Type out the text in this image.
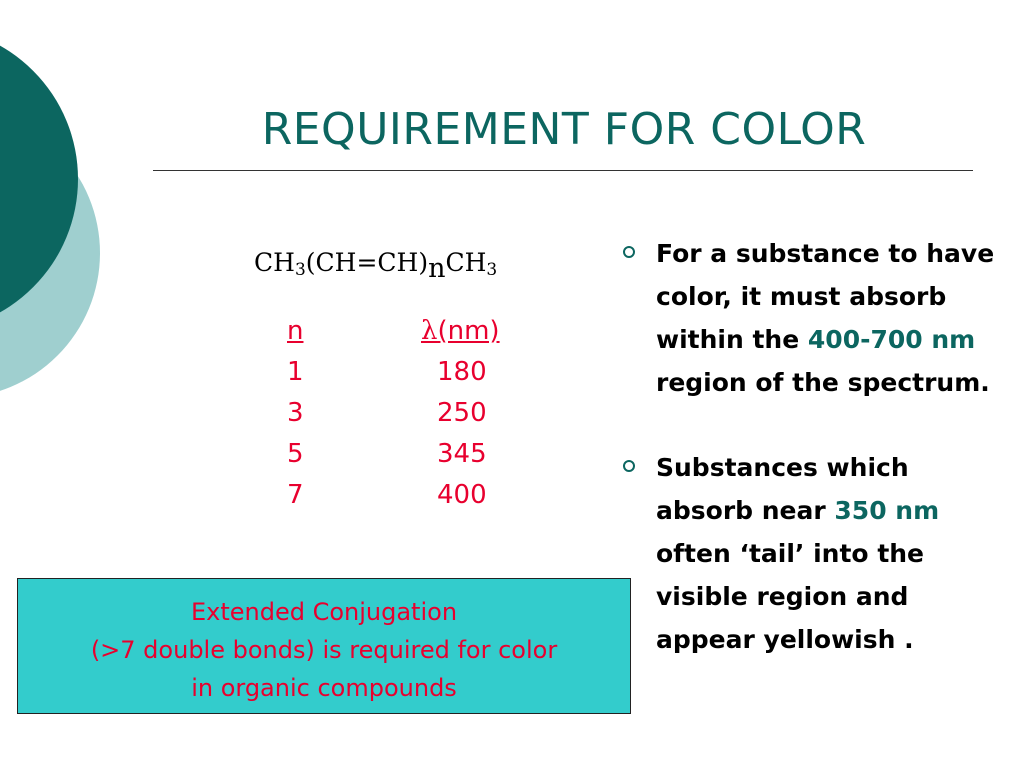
REQUIREMENT FOR COLOR
$CH_3(CH=CH)nCH_3$
n	λ(nm)
1	180
3	250
5	345
7	400
Extended Conjugation
(>7 double bonds) is required for color
in organic compounds
For a substance to have color, it must absorb within the 400-700 nm region of the spectrum.
Substances which absorb near 350 nm often ‘tail’ into the visible region and appear yellowish .
